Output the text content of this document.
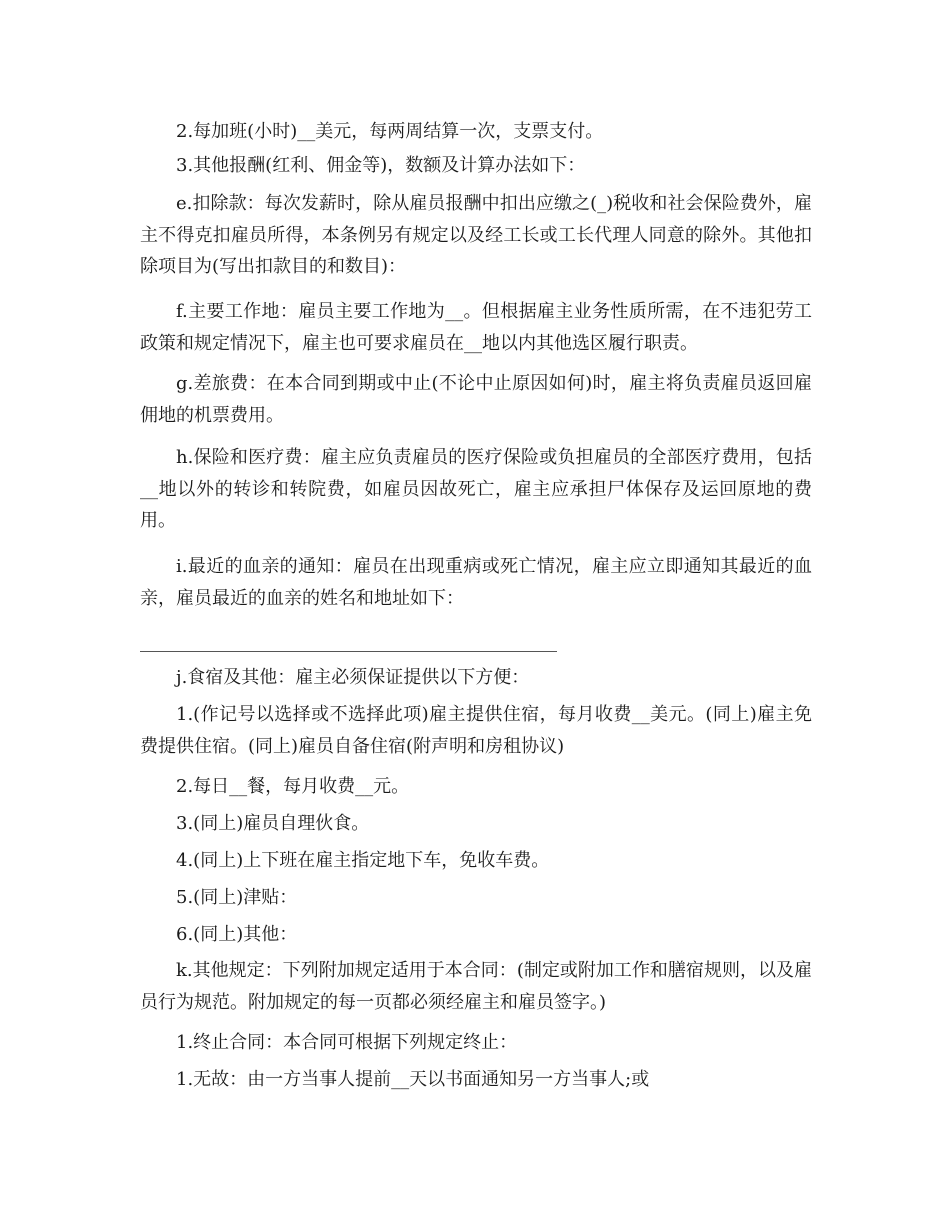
2.每加班(小时)__美元，每两周结算一次，支票支付。

3.其他报酬(红利、佣金等)，数额及计算办法如下：

e.扣除款：每次发薪时，除从雇员报酬中扣出应缴之(_)税收和社会保险费外，雇主不得克扣雇员所得，本条例另有规定以及经工长或工长代理人同意的除外。其他扣除项目为(写出扣款目的和数目)：

f.主要工作地：雇员主要工作地为__。但根据雇主业务性质所需，在不违犯劳工政策和规定情况下，雇主也可要求雇员在__地以内其他选区履行职责。

g.差旅费：在本合同到期或中止(不论中止原因如何)时，雇主将负责雇员返回雇佣地的机票费用。

h.保险和医疗费：雇主应负责雇员的医疗保险或负担雇员的全部医疗费用，包括__地以外的转诊和转院费，如雇员因故死亡，雇主应承担尸体保存及运回原地的费用。

i.最近的血亲的通知：雇员在出现重病或死亡情况，雇主应立即通知其最近的血亲，雇员最近的血亲的姓名和地址如下：

j.食宿及其他：雇主必须保证提供以下方便：

1.(作记号以选择或不选择此项)雇主提供住宿，每月收费__美元。(同上)雇主免费提供住宿。(同上)雇员自备住宿(附声明和房租协议)

2.每日__餐，每月收费__元。

3.(同上)雇员自理伙食。

4.(同上)上下班在雇主指定地下车，免收车费。

5.(同上)津贴：

6.(同上)其他：

k.其他规定：下列附加规定适用于本合同：(制定或附加工作和膳宿规则，以及雇员行为规范。附加规定的每一页都必须经雇主和雇员签字。)

1.终止合同：本合同可根据下列规定终止：

1.无故：由一方当事人提前__天以书面通知另一方当事人;或
